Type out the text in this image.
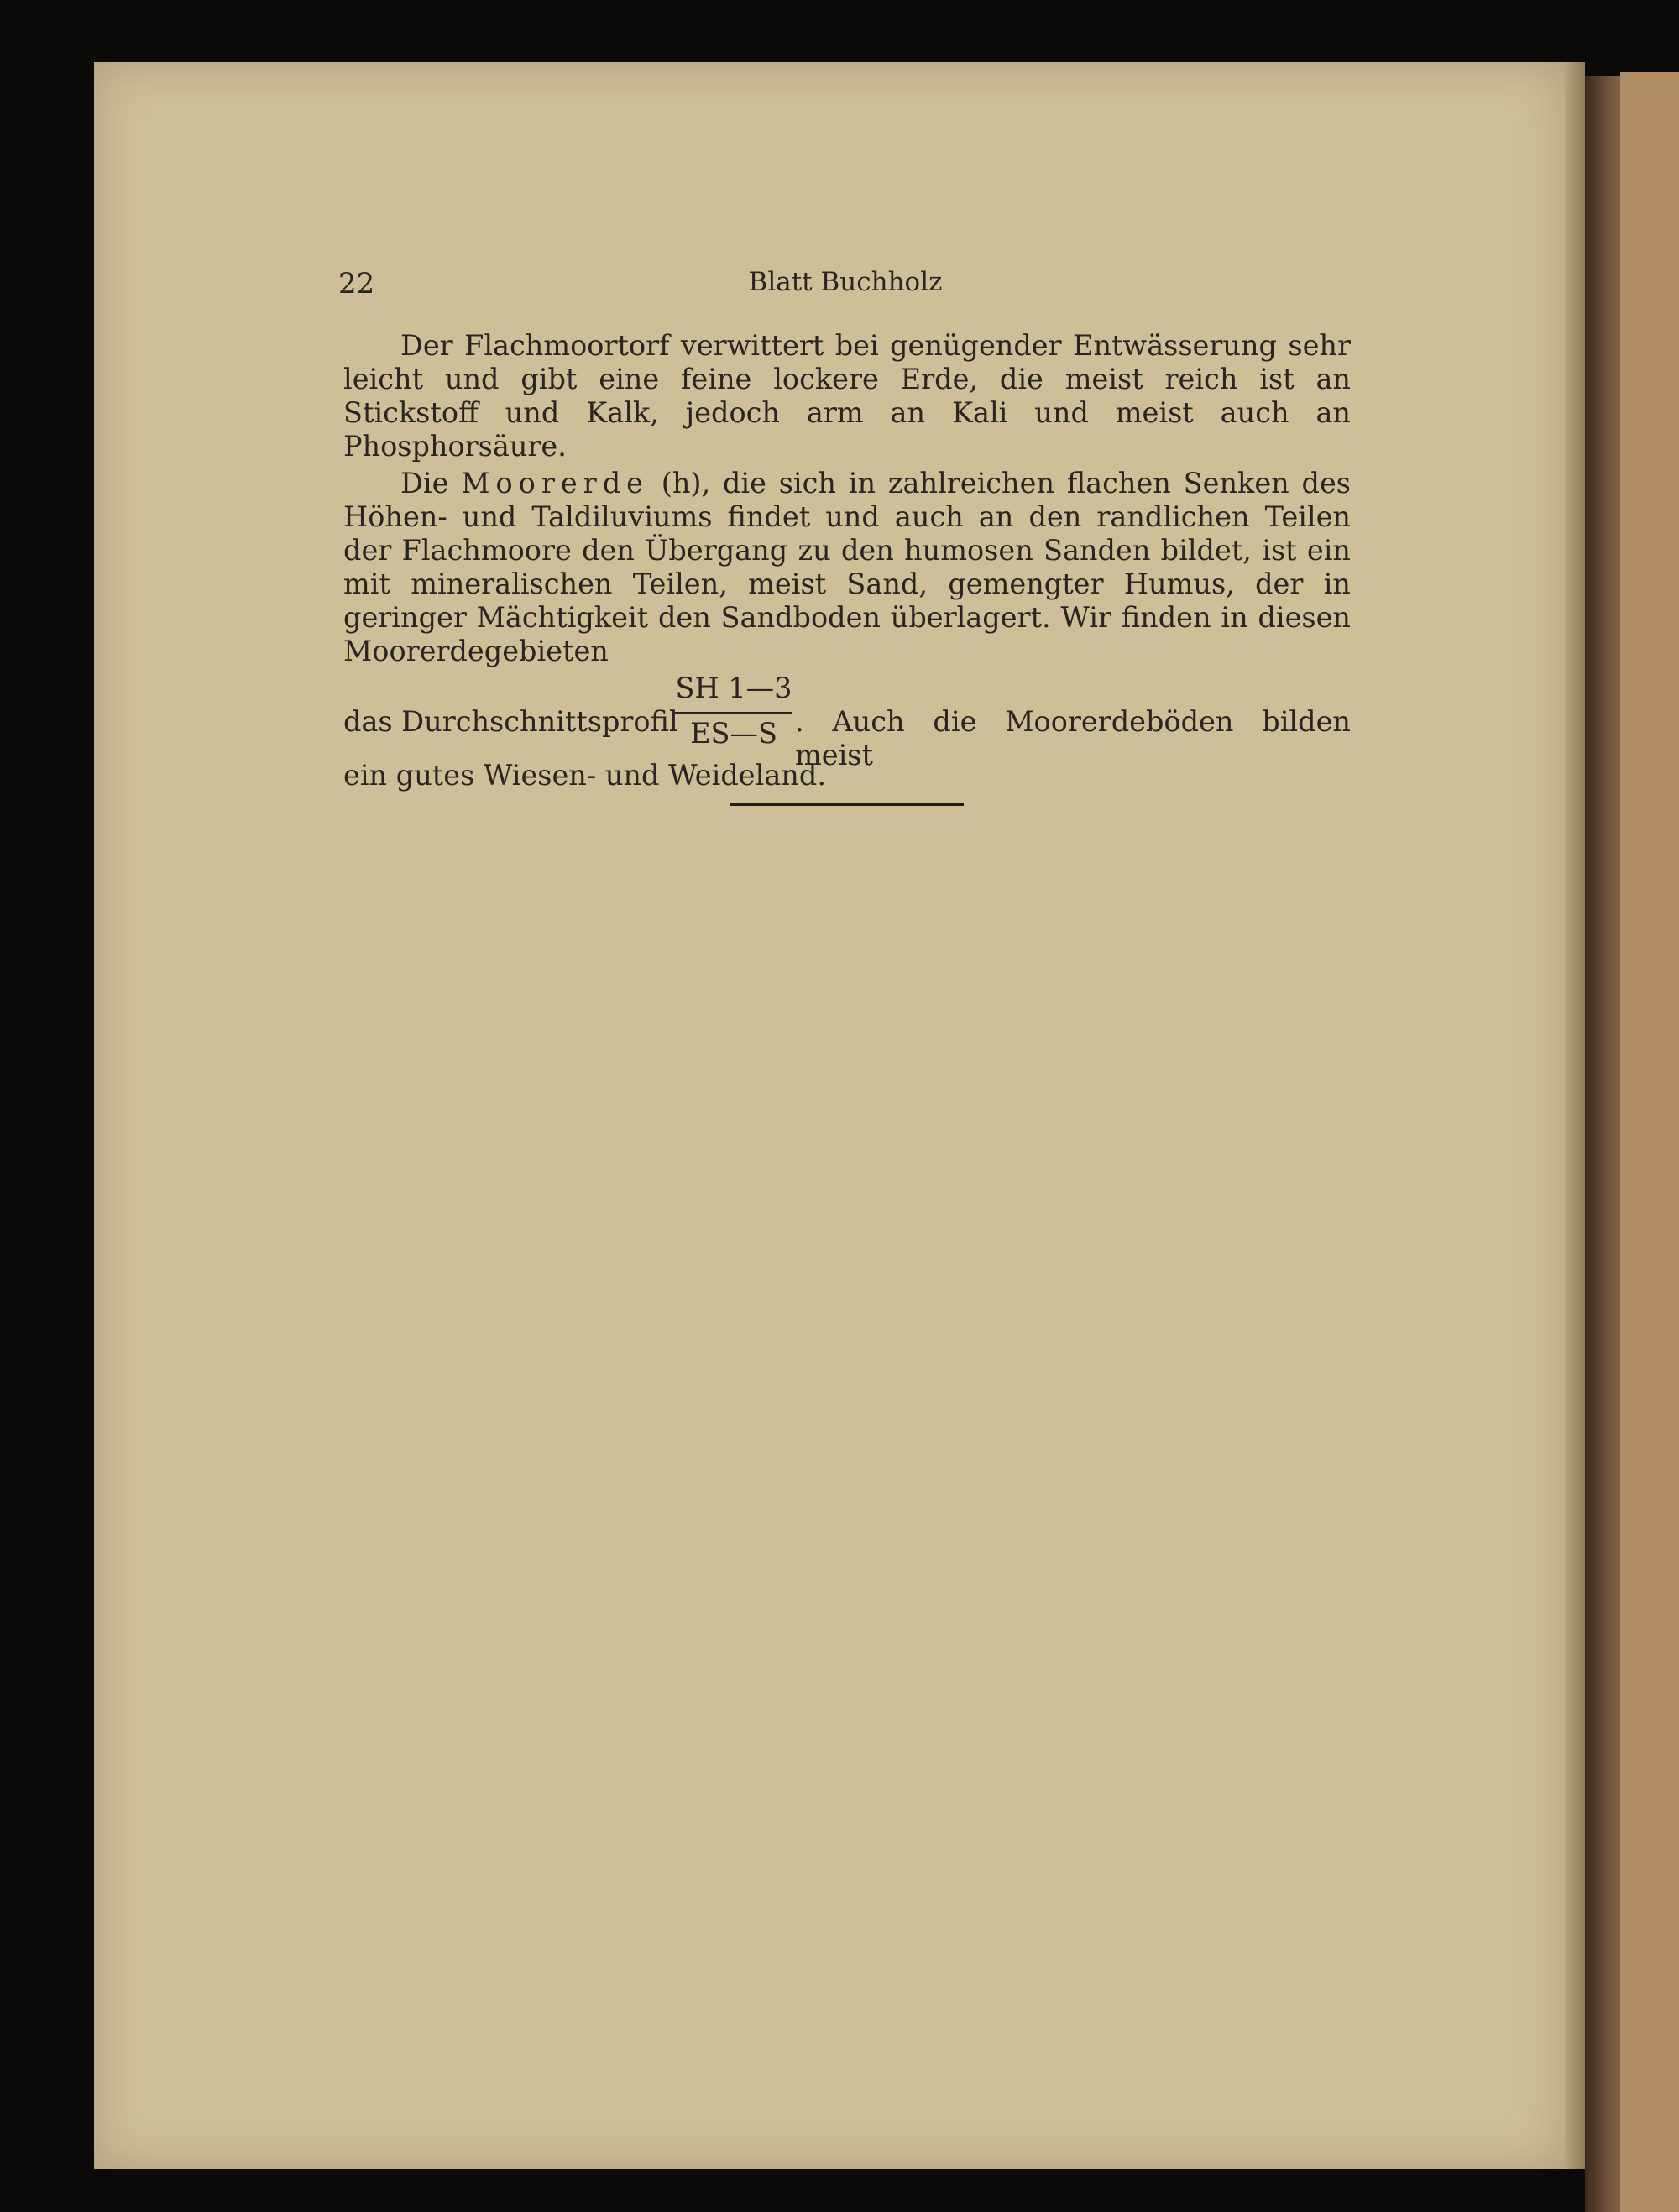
22	Blatt Buchholz

Der Flachmoortorf verwittert bei genügender Entwässerung sehr leicht und gibt eine feine lockere Erde, die meist reich ist an Stickstoff und Kalk, jedoch arm an Kali und meist auch an Phosphorsäure.

Die Moorerde (h), die sich in zahlreichen flachen Senken des Höhen- und Taldiluviums findet und auch an den randlichen Teilen der Flachmoore den Übergang zu den humosen Sanden bildet, ist ein mit mineralischen Teilen, meist Sand, gemengter Humus, der in geringer Mächtigkeit den Sandboden überlagert. Wir finden in diesen Moorerdegebieten

das Durchschnittsprofil
$\frac{SH 1—3}{ES—S}$ . Auch die Moorerdeböden bilden meist

ein gutes Wiesen- und Weideland.
